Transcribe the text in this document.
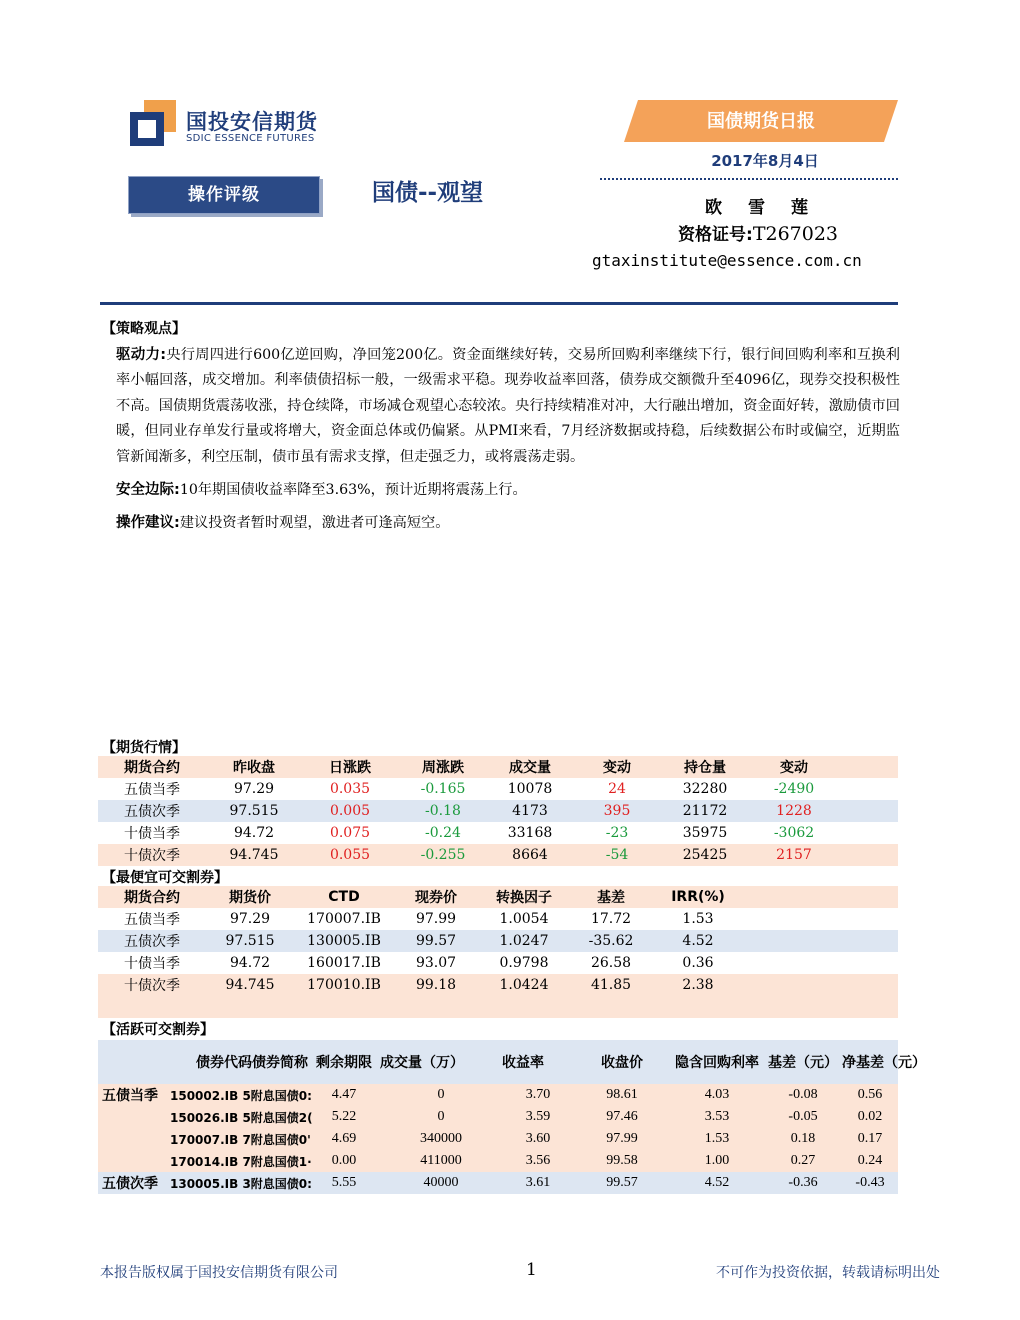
国投安信期货
SDIC ESSENCE FUTURES
国债期货日报
2017年8月4日
操作评级	国债--观望
欧雪莲
资格证号:T267023
gtaxinstitute@essence.com.cn
【策略观点】

驱动力:央行周四进行600亿逆回购，净回笼200亿。资金面继续好转，交易所回购利率继续下行，银行间回购利率和互换利率小幅回落，成交增加。利率债债招标一般，一级需求平稳。现券收益率回落，债券成交额微升至4096亿，现券交投积极性不高。国债期货震荡收涨，持仓续降，市场减仓观望心态较浓。央行持续精准对冲，大行融出增加，资金面好转，激励债市回暖，但同业存单发行量或将增大，资金面总体或仍偏紧。从PMI来看，7月经济数据或持稳，后续数据公布时或偏空，近期监管新闻渐多，利空压制，债市虽有需求支撑，但走强乏力，或将震荡走弱。

安全边际:10年期国债收益率降至3.63%，预计近期将震荡上行。

操作建议:建议投资者暂时观望，激进者可逢高短空。

【期货行情】
期货合约	昨收盘	日涨跌	周涨跌	成交量	变动	持仓量	变动	
五债当季	97.29	0.035	-0.165	10078	24	32280	-2490	
五债次季	97.515	0.005	-0.18	4173	395	21172	1228	
十债当季	94.72	0.075	-0.24	33168	-23	35975	-3062	
十债次季	94.745	0.055	-0.255	8664	-54	25425	2157	
【最便宜可交割券】
期货合约	期货价	CTD	现券价	转换因子	基差	IRR(%)	
五债当季	97.29	170007.IB	97.99	1.0054	17.72	1.53	
五债次季	97.515	130005.IB	99.57	1.0247	-35.62	4.52	
十债当季	94.72	160017.IB	93.07	0.9798	26.58	0.36	
十债次季	94.745	170010.IB	99.18	1.0424	41.85	2.38	

【活跃可交割券】
	债券代码债券简称	剩余期限	成交量（万）	收益率	收盘价	隐含回购利率	基差（元）	净基差（元）
五债当季	150002.IB 5附息国债0:	4.47	0	3.70	98.61	4.03	-0.08	0.56
	150026.IB 5附息国债2(	5.22	0	3.59	97.46	3.53	-0.05	0.02
	170007.IB 7附息国债0'	4.69	340000	3.60	97.99	1.53	0.18	0.17
	170014.IB 7附息国债1·	0.00	411000	3.56	99.58	1.00	0.27	0.24
五债次季	130005.IB 3附息国债0:	5.55	40000	3.61	99.57	4.52	-0.36	-0.43
本报告版权属于国投安信期货有限公司	1	不可作为投资依据，转载请标明出处
